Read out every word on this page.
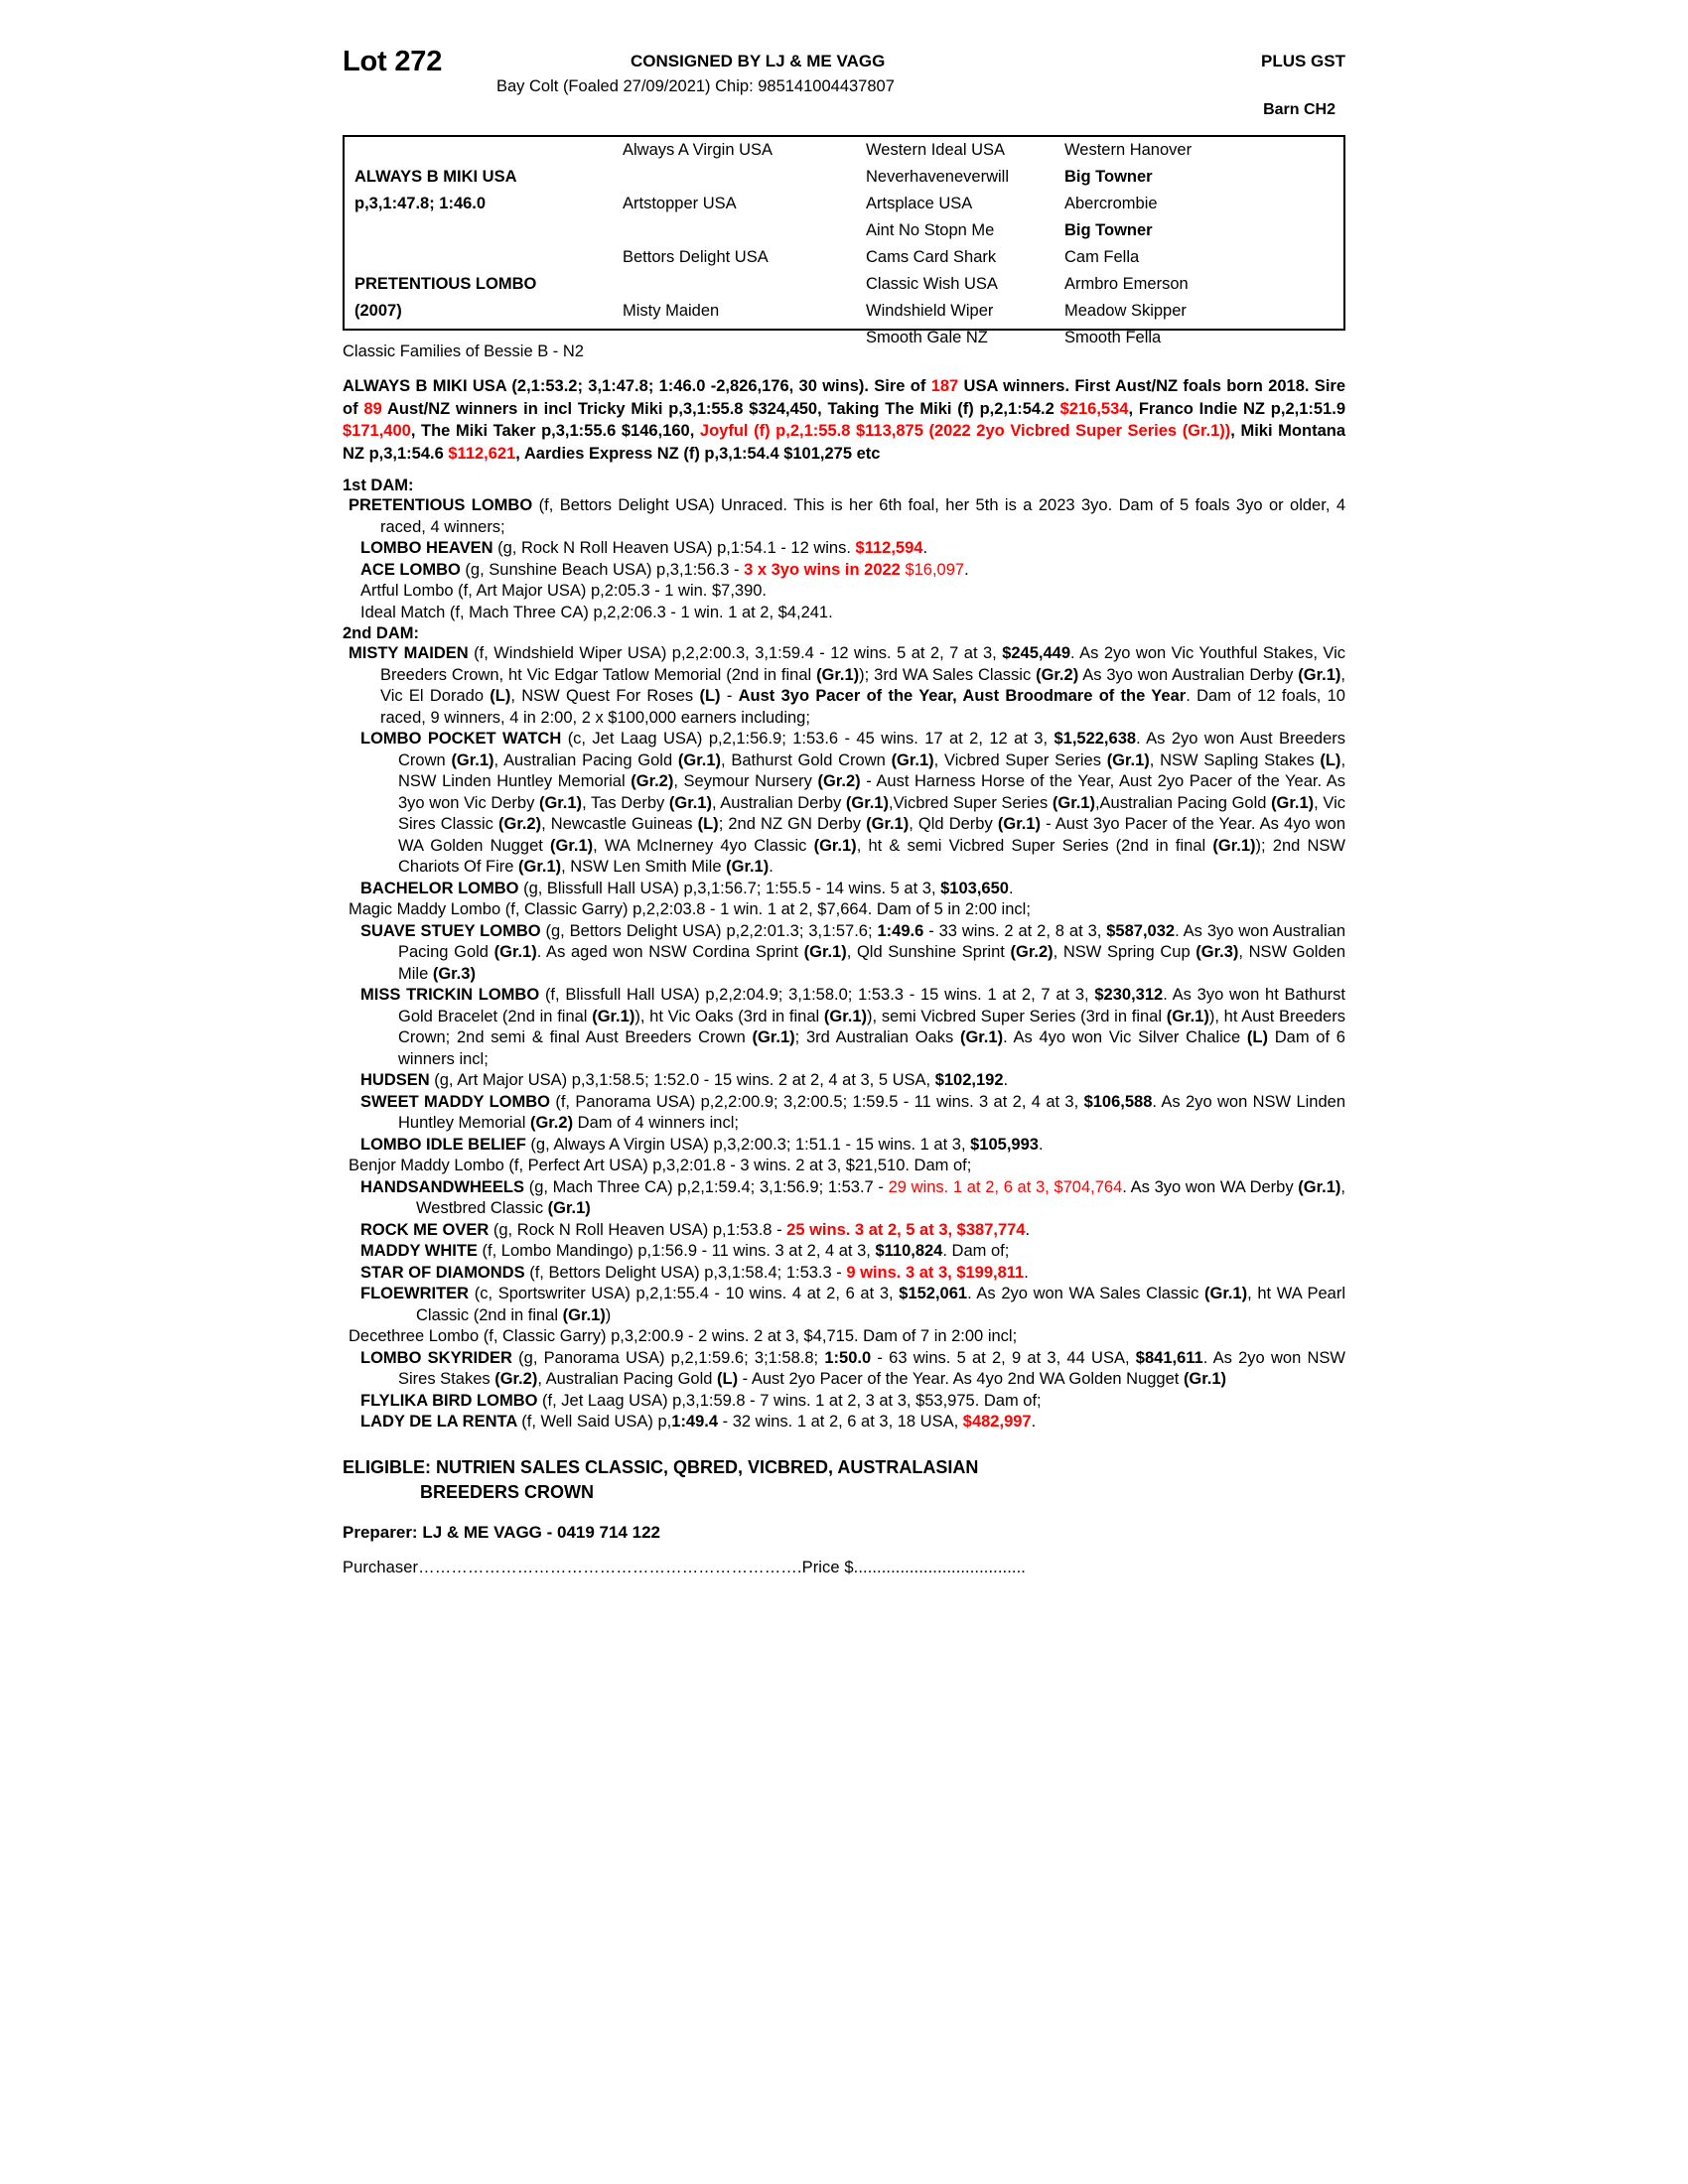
Lot 272	CONSIGNED BY LJ & ME VAGG	PLUS GST
Bay Colt (Foaled 27/09/2021) Chip: 985141004437807
Barn CH2
ALWAYS B MIKI USA
p,3,1:47.8; 1:46.0
PRETENTIOUS LOMBO
(2007)
Always A Virgin USA
Artstopper USA
Bettors Delight USA
Misty Maiden
Western Ideal USA
Neverhaveneverwill
Artsplace USA
Aint No Stopn Me
Cams Card Shark
Classic Wish USA
Windshield Wiper
Smooth Gale NZ
Western Hanover
Big Towner
Abercrombie
Big Towner
Cam Fella
Armbro Emerson
Meadow Skipper
Smooth Fella
Classic Families of Bessie B - N2
ALWAYS B MIKI USA (2,1:53.2; 3,1:47.8; 1:46.0 -2,826,176, 30 wins). Sire of 187 USA winners. First Aust/NZ foals born 2018. Sire of 89 Aust/NZ winners in incl Tricky Miki p,3,1:55.8 $324,450, Taking The Miki (f) p,2,1:54.2 $216,534, Franco Indie NZ p,2,1:51.9 $171,400, The Miki Taker p,3,1:55.6 $146,160, Joyful (f) p,2,1:55.8 $113,875 (2022 2yo Vicbred Super Series (Gr.1)), Miki Montana NZ p,3,1:54.6 $112,621, Aardies Express NZ (f) p,3,1:54.4 $101,275 etc
1st DAM:

PRETENTIOUS LOMBO (f, Bettors Delight USA) Unraced. This is her 6th foal, her 5th is a 2023 3yo. Dam of 5 foals 3yo or older, 4 raced, 4 winners;

LOMBO HEAVEN (g, Rock N Roll Heaven USA) p,1:54.1 - 12 wins. $112,594.

ACE LOMBO (g, Sunshine Beach USA) p,3,1:56.3 - 3 x 3yo wins in 2022 $16,097.

Artful Lombo (f, Art Major USA) p,2:05.3 - 1 win. $7,390.

Ideal Match (f, Mach Three CA) p,2,2:06.3 - 1 win. 1 at 2, $4,241.

2nd DAM:

MISTY MAIDEN (f, Windshield Wiper USA) p,2,2:00.3, 3,1:59.4 - 12 wins. 5 at 2, 7 at 3, $245,449. As 2yo won Vic Youthful Stakes, Vic Breeders Crown, ht Vic Edgar Tatlow Memorial (2nd in final (Gr.1)); 3rd WA Sales Classic (Gr.2) As 3yo won Australian Derby (Gr.1), Vic El Dorado (L), NSW Quest For Roses (L) - Aust 3yo Pacer of the Year, Aust Broodmare of the Year. Dam of 12 foals, 10 raced, 9 winners, 4 in 2:00, 2 x $100,000 earners including;

LOMBO POCKET WATCH (c, Jet Laag USA) p,2,1:56.9; 1:53.6 - 45 wins. 17 at 2, 12 at 3, $1,522,638. As 2yo won Aust Breeders Crown (Gr.1), Australian Pacing Gold (Gr.1), Bathurst Gold Crown (Gr.1), Vicbred Super Series (Gr.1), NSW Sapling Stakes (L), NSW Linden Huntley Memorial (Gr.2), Seymour Nursery (Gr.2) - Aust Harness Horse of the Year, Aust 2yo Pacer of the Year. As 3yo won Vic Derby (Gr.1), Tas Derby (Gr.1), Australian Derby (Gr.1),Vicbred Super Series (Gr.1),Australian Pacing Gold (Gr.1), Vic Sires Classic (Gr.2), Newcastle Guineas (L); 2nd NZ GN Derby (Gr.1), Qld Derby (Gr.1) - Aust 3yo Pacer of the Year. As 4yo won WA Golden Nugget (Gr.1), WA McInerney 4yo Classic (Gr.1), ht & semi Vicbred Super Series (2nd in final (Gr.1)); 2nd NSW Chariots Of Fire (Gr.1), NSW Len Smith Mile (Gr.1).

BACHELOR LOMBO (g, Blissfull Hall USA) p,3,1:56.7; 1:55.5 - 14 wins. 5 at 3, $103,650.

Magic Maddy Lombo (f, Classic Garry) p,2,2:03.8 - 1 win. 1 at 2, $7,664. Dam of 5 in 2:00 incl;

SUAVE STUEY LOMBO (g, Bettors Delight USA) p,2,2:01.3; 3,1:57.6; 1:49.6 - 33 wins. 2 at 2, 8 at 3, $587,032. As 3yo won Australian Pacing Gold (Gr.1). As aged won NSW Cordina Sprint (Gr.1), Qld Sunshine Sprint (Gr.2), NSW Spring Cup (Gr.3), NSW Golden Mile (Gr.3)

MISS TRICKIN LOMBO (f, Blissfull Hall USA) p,2,2:04.9; 3,1:58.0; 1:53.3 - 15 wins. 1 at 2, 7 at 3, $230,312. As 3yo won ht Bathurst Gold Bracelet (2nd in final (Gr.1)), ht Vic Oaks (3rd in final (Gr.1)), semi Vicbred Super Series (3rd in final (Gr.1)), ht Aust Breeders Crown; 2nd semi & final Aust Breeders Crown (Gr.1); 3rd Australian Oaks (Gr.1). As 4yo won Vic Silver Chalice (L) Dam of 6 winners incl;

HUDSEN (g, Art Major USA) p,3,1:58.5; 1:52.0 - 15 wins. 2 at 2, 4 at 3, 5 USA, $102,192.

SWEET MADDY LOMBO (f, Panorama USA) p,2,2:00.9; 3,2:00.5; 1:59.5 - 11 wins. 3 at 2, 4 at 3, $106,588. As 2yo won NSW Linden Huntley Memorial (Gr.2) Dam of 4 winners incl;

LOMBO IDLE BELIEF (g, Always A Virgin USA) p,3,2:00.3; 1:51.1 - 15 wins. 1 at 3, $105,993.

Benjor Maddy Lombo (f, Perfect Art USA) p,3,2:01.8 - 3 wins. 2 at 3, $21,510. Dam of;

HANDSANDWHEELS (g, Mach Three CA) p,2,1:59.4; 3,1:56.9; 1:53.7 - 29 wins. 1 at 2, 6 at 3, $704,764. As 3yo won WA Derby (Gr.1), Westbred Classic (Gr.1)

ROCK ME OVER (g, Rock N Roll Heaven USA) p,1:53.8 - 25 wins. 3 at 2, 5 at 3, $387,774.

MADDY WHITE (f, Lombo Mandingo) p,1:56.9 - 11 wins. 3 at 2, 4 at 3, $110,824. Dam of;

STAR OF DIAMONDS (f, Bettors Delight USA) p,3,1:58.4; 1:53.3 - 9 wins. 3 at 3, $199,811.

FLOEWRITER (c, Sportswriter USA) p,2,1:55.4 - 10 wins. 4 at 2, 6 at 3, $152,061. As 2yo won WA Sales Classic (Gr.1), ht WA Pearl Classic (2nd in final (Gr.1))

Decethree Lombo (f, Classic Garry) p,3,2:00.9 - 2 wins. 2 at 3, $4,715. Dam of 7 in 2:00 incl;

LOMBO SKYRIDER (g, Panorama USA) p,2,1:59.6; 3;1:58.8; 1:50.0 - 63 wins. 5 at 2, 9 at 3, 44 USA, $841,611. As 2yo won NSW Sires Stakes (Gr.2), Australian Pacing Gold (L) - Aust 2yo Pacer of the Year. As 4yo 2nd WA Golden Nugget (Gr.1)

FLYLIKA BIRD LOMBO (f, Jet Laag USA) p,3,1:59.8 - 7 wins. 1 at 2, 3 at 3, $53,975. Dam of;

LADY DE LA RENTA (f, Well Said USA) p,1:49.4 - 32 wins. 1 at 2, 6 at 3, 18 USA, $482,997.

ELIGIBLE: NUTRIEN SALES CLASSIC, QBRED, VICBRED, AUSTRALASIAN
BREEDERS CROWN
Preparer: LJ & ME VAGG - 0419 714 122
Purchaser…………………………………………………………….Price $.....................................
